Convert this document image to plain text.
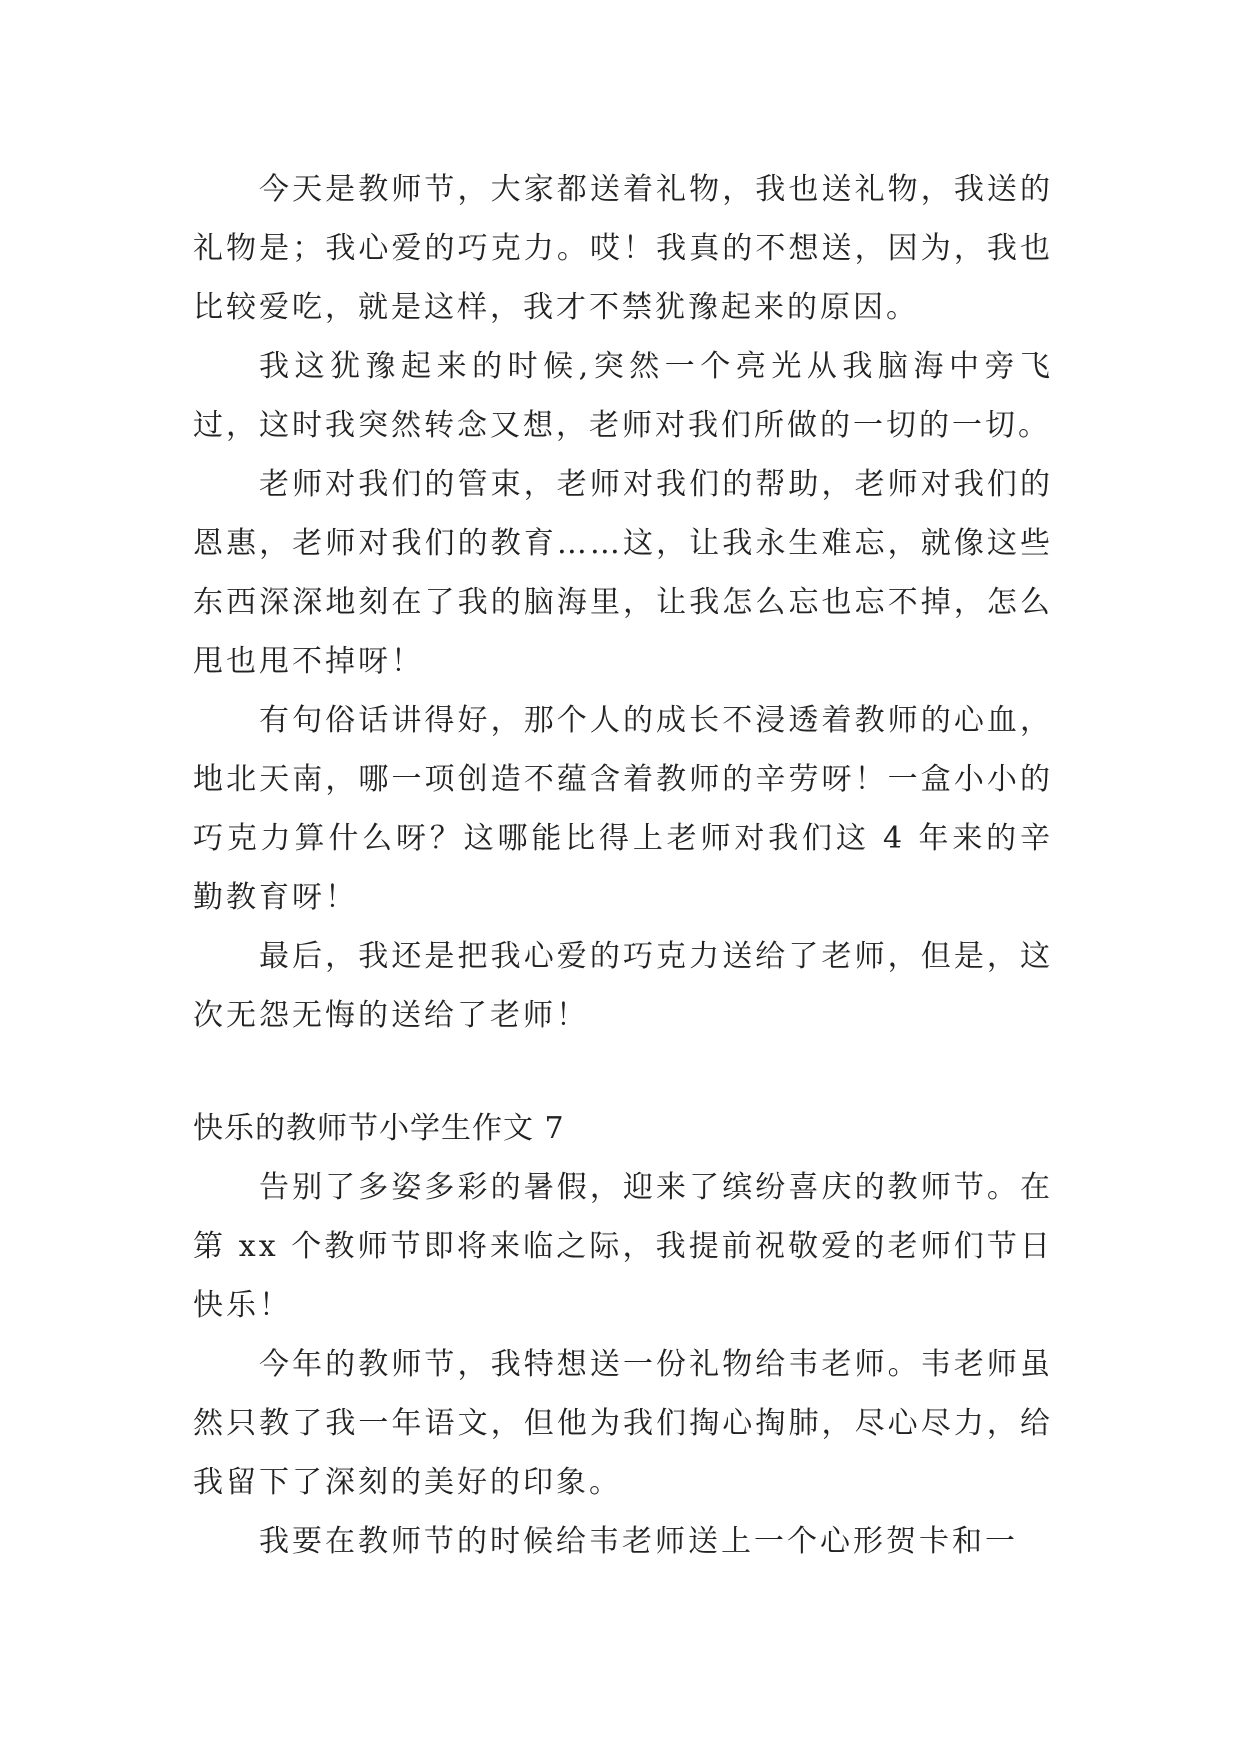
今天是教师节，大家都送着礼物，我也送礼物，我送的礼物是；我心爱的巧克力。哎！我真的不想送，因为，我也比较爱吃，就是这样，我才不禁犹豫起来的原因。

我这犹豫起来的时候,突然一个亮光从我脑海中旁飞过，这时我突然转念又想，老师对我们所做的一切的一切。

老师对我们的管束，老师对我们的帮助，老师对我们的恩惠，老师对我们的教育……这，让我永生难忘，就像这些东西深深地刻在了我的脑海里，让我怎么忘也忘不掉，怎么甩也甩不掉呀！

有句俗话讲得好，那个人的成长不浸透着教师的心血，地北天南，哪一项创造不蕴含着教师的辛劳呀！一盒小小的巧克力算什么呀？这哪能比得上老师对我们这 4 年来的辛勤教育呀！

最后，我还是把我心爱的巧克力送给了老师，但是，这次无怨无悔的送给了老师！

快乐的教师节小学生作文 7

告别了多姿多彩的暑假，迎来了缤纷喜庆的教师节。在第 xx 个教师节即将来临之际，我提前祝敬爱的老师们节日快乐！

今年的教师节，我特想送一份礼物给韦老师。韦老师虽然只教了我一年语文，但他为我们掏心掏肺，尽心尽力，给我留下了深刻的美好的印象。

我要在教师节的时候给韦老师送上一个心形贺卡和一
